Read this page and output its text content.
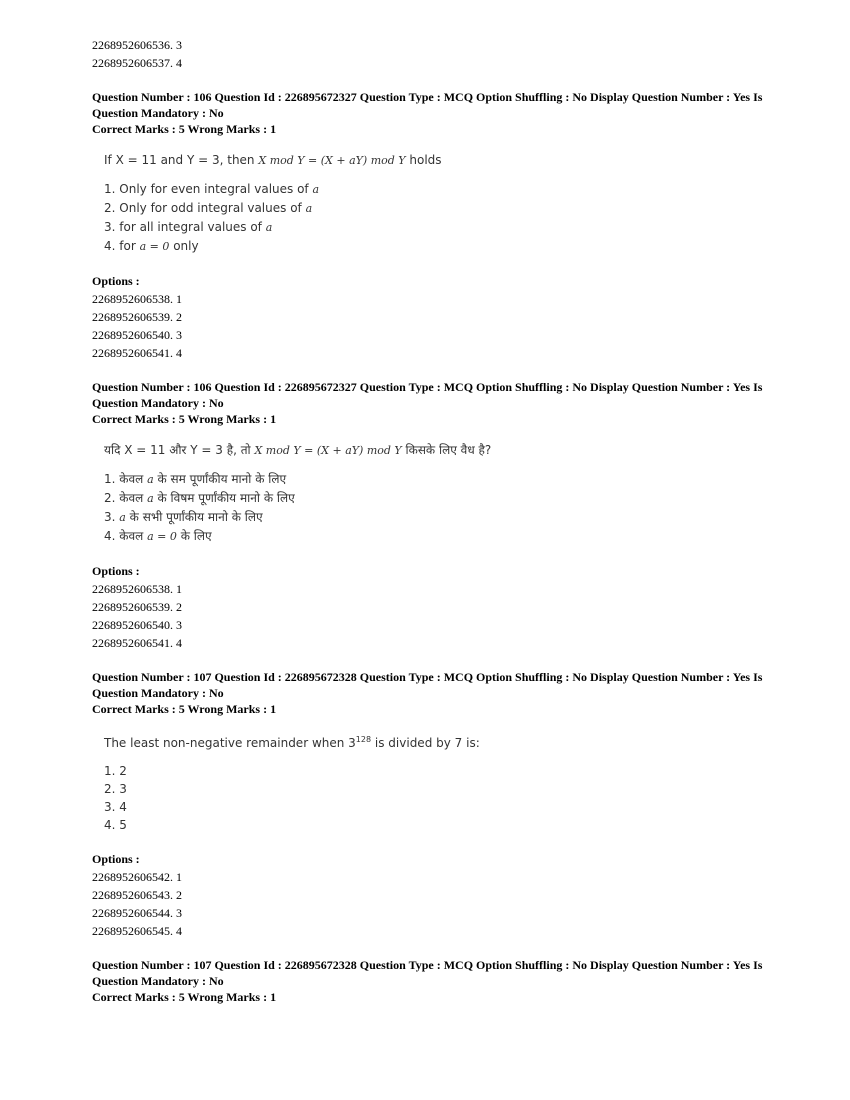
2268952606536. 3
2268952606537. 4
Question Number : 106 Question Id : 226895672327 Question Type : MCQ Option Shuffling : No Display Question Number : Yes Is Question Mandatory : No
Correct Marks : 5 Wrong Marks : 1
If X = 11 and Y = 3, then X mod Y = (X + aY) mod Y holds
1. Only for even integral values of a
2. Only for odd integral values of a
3. for all integral values of a
4. for a = 0 only
Options :
2268952606538. 1
2268952606539. 2
2268952606540. 3
2268952606541. 4
Question Number : 106 Question Id : 226895672327 Question Type : MCQ Option Shuffling : No Display Question Number : Yes Is Question Mandatory : No
Correct Marks : 5 Wrong Marks : 1
यदि X = 11 और Y = 3 है, तो X mod Y = (X + aY) mod Y किसके लिए वैध है?
1. केवल a के सम पूर्णांकीय मानो के लिए
2. केवल a के विषम पूर्णांकीय मानो के लिए
3. a के सभी पूर्णांकीय मानो के लिए
4. केवल a = 0 के लिए
Options :
2268952606538. 1
2268952606539. 2
2268952606540. 3
2268952606541. 4
Question Number : 107 Question Id : 226895672328 Question Type : MCQ Option Shuffling : No Display Question Number : Yes Is Question Mandatory : No
Correct Marks : 5 Wrong Marks : 1
The least non-negative remainder when $3^{128}$ is divided by 7 is:
1. 2
2. 3
3. 4
4. 5
Options :
2268952606542. 1
2268952606543. 2
2268952606544. 3
2268952606545. 4
Question Number : 107 Question Id : 226895672328 Question Type : MCQ Option Shuffling : No Display Question Number : Yes Is Question Mandatory : No
Correct Marks : 5 Wrong Marks : 1
